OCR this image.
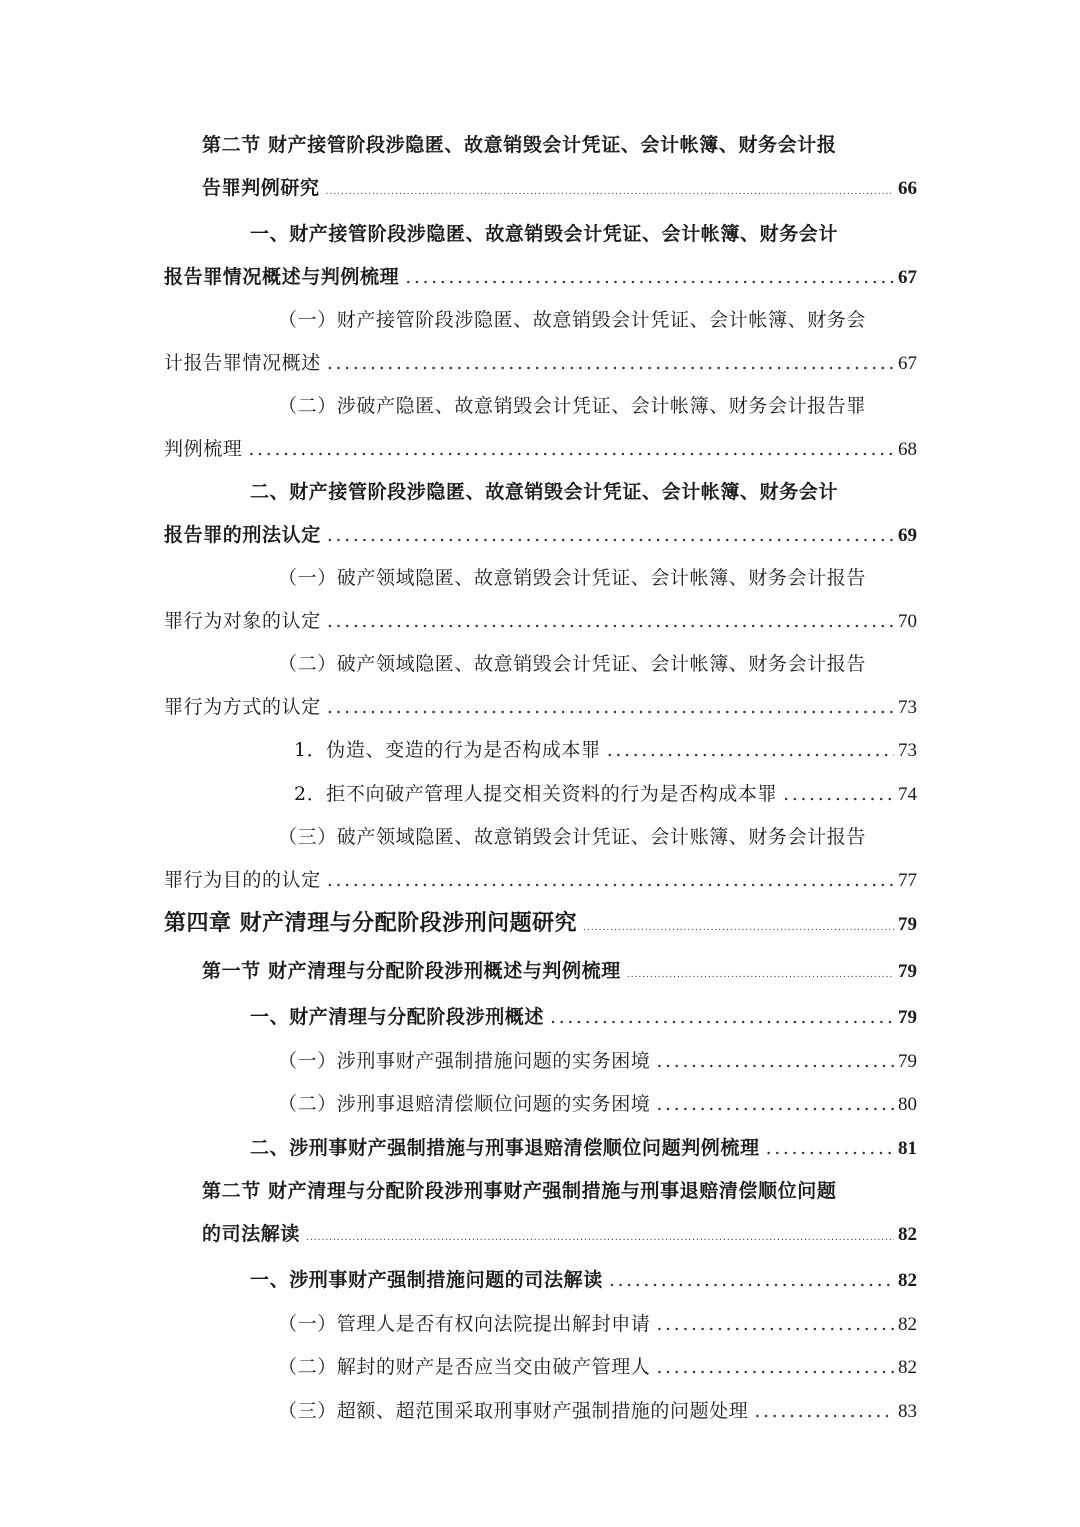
第二节 财产接管阶段涉隐匿、故意销毁会计凭证、会计帐簿、财务会计报
告罪判例研究 .....	66
一、财产接管阶段涉隐匿、故意销毁会计凭证、会计帐簿、财务会计
报告罪情况概述与判例梳理 .....	67
（一）财产接管阶段涉隐匿、故意销毁会计凭证、会计帐簿、财务会
计报告罪情况概述 .....	67
（二）涉破产隐匿、故意销毁会计凭证、会计帐簿、财务会计报告罪
判例梳理 .....	68
二、财产接管阶段涉隐匿、故意销毁会计凭证、会计帐簿、财务会计
报告罪的刑法认定 .....	69
（一）破产领域隐匿、故意销毁会计凭证、会计帐簿、财务会计报告
罪行为对象的认定 .....	70
（二）破产领域隐匿、故意销毁会计凭证、会计帐簿、财务会计报告
罪行为方式的认定 .....	73
1．伪造、变造的行为是否构成本罪 .....	73
2．拒不向破产管理人提交相关资料的行为是否构成本罪 .....	74
（三）破产领域隐匿、故意销毁会计凭证、会计账簿、财务会计报告
罪行为目的的认定 .....	77
第四章 财产清理与分配阶段涉刑问题研究 .....	79
第一节 财产清理与分配阶段涉刑概述与判例梳理 .....	79
一、财产清理与分配阶段涉刑概述 .....	79
（一）涉刑事财产强制措施问题的实务困境 .....	79
（二）涉刑事退赔清偿顺位问题的实务困境 .....	80
二、涉刑事财产强制措施与刑事退赔清偿顺位问题判例梳理 .....	81
第二节 财产清理与分配阶段涉刑事财产强制措施与刑事退赔清偿顺位问题
的司法解读 .....	82
一、涉刑事财产强制措施问题的司法解读 .....	82
（一）管理人是否有权向法院提出解封申请 .....	82
（二）解封的财产是否应当交由破产管理人 .....	82
（三）超额、超范围采取刑事财产强制措施的问题处理 .....	83
